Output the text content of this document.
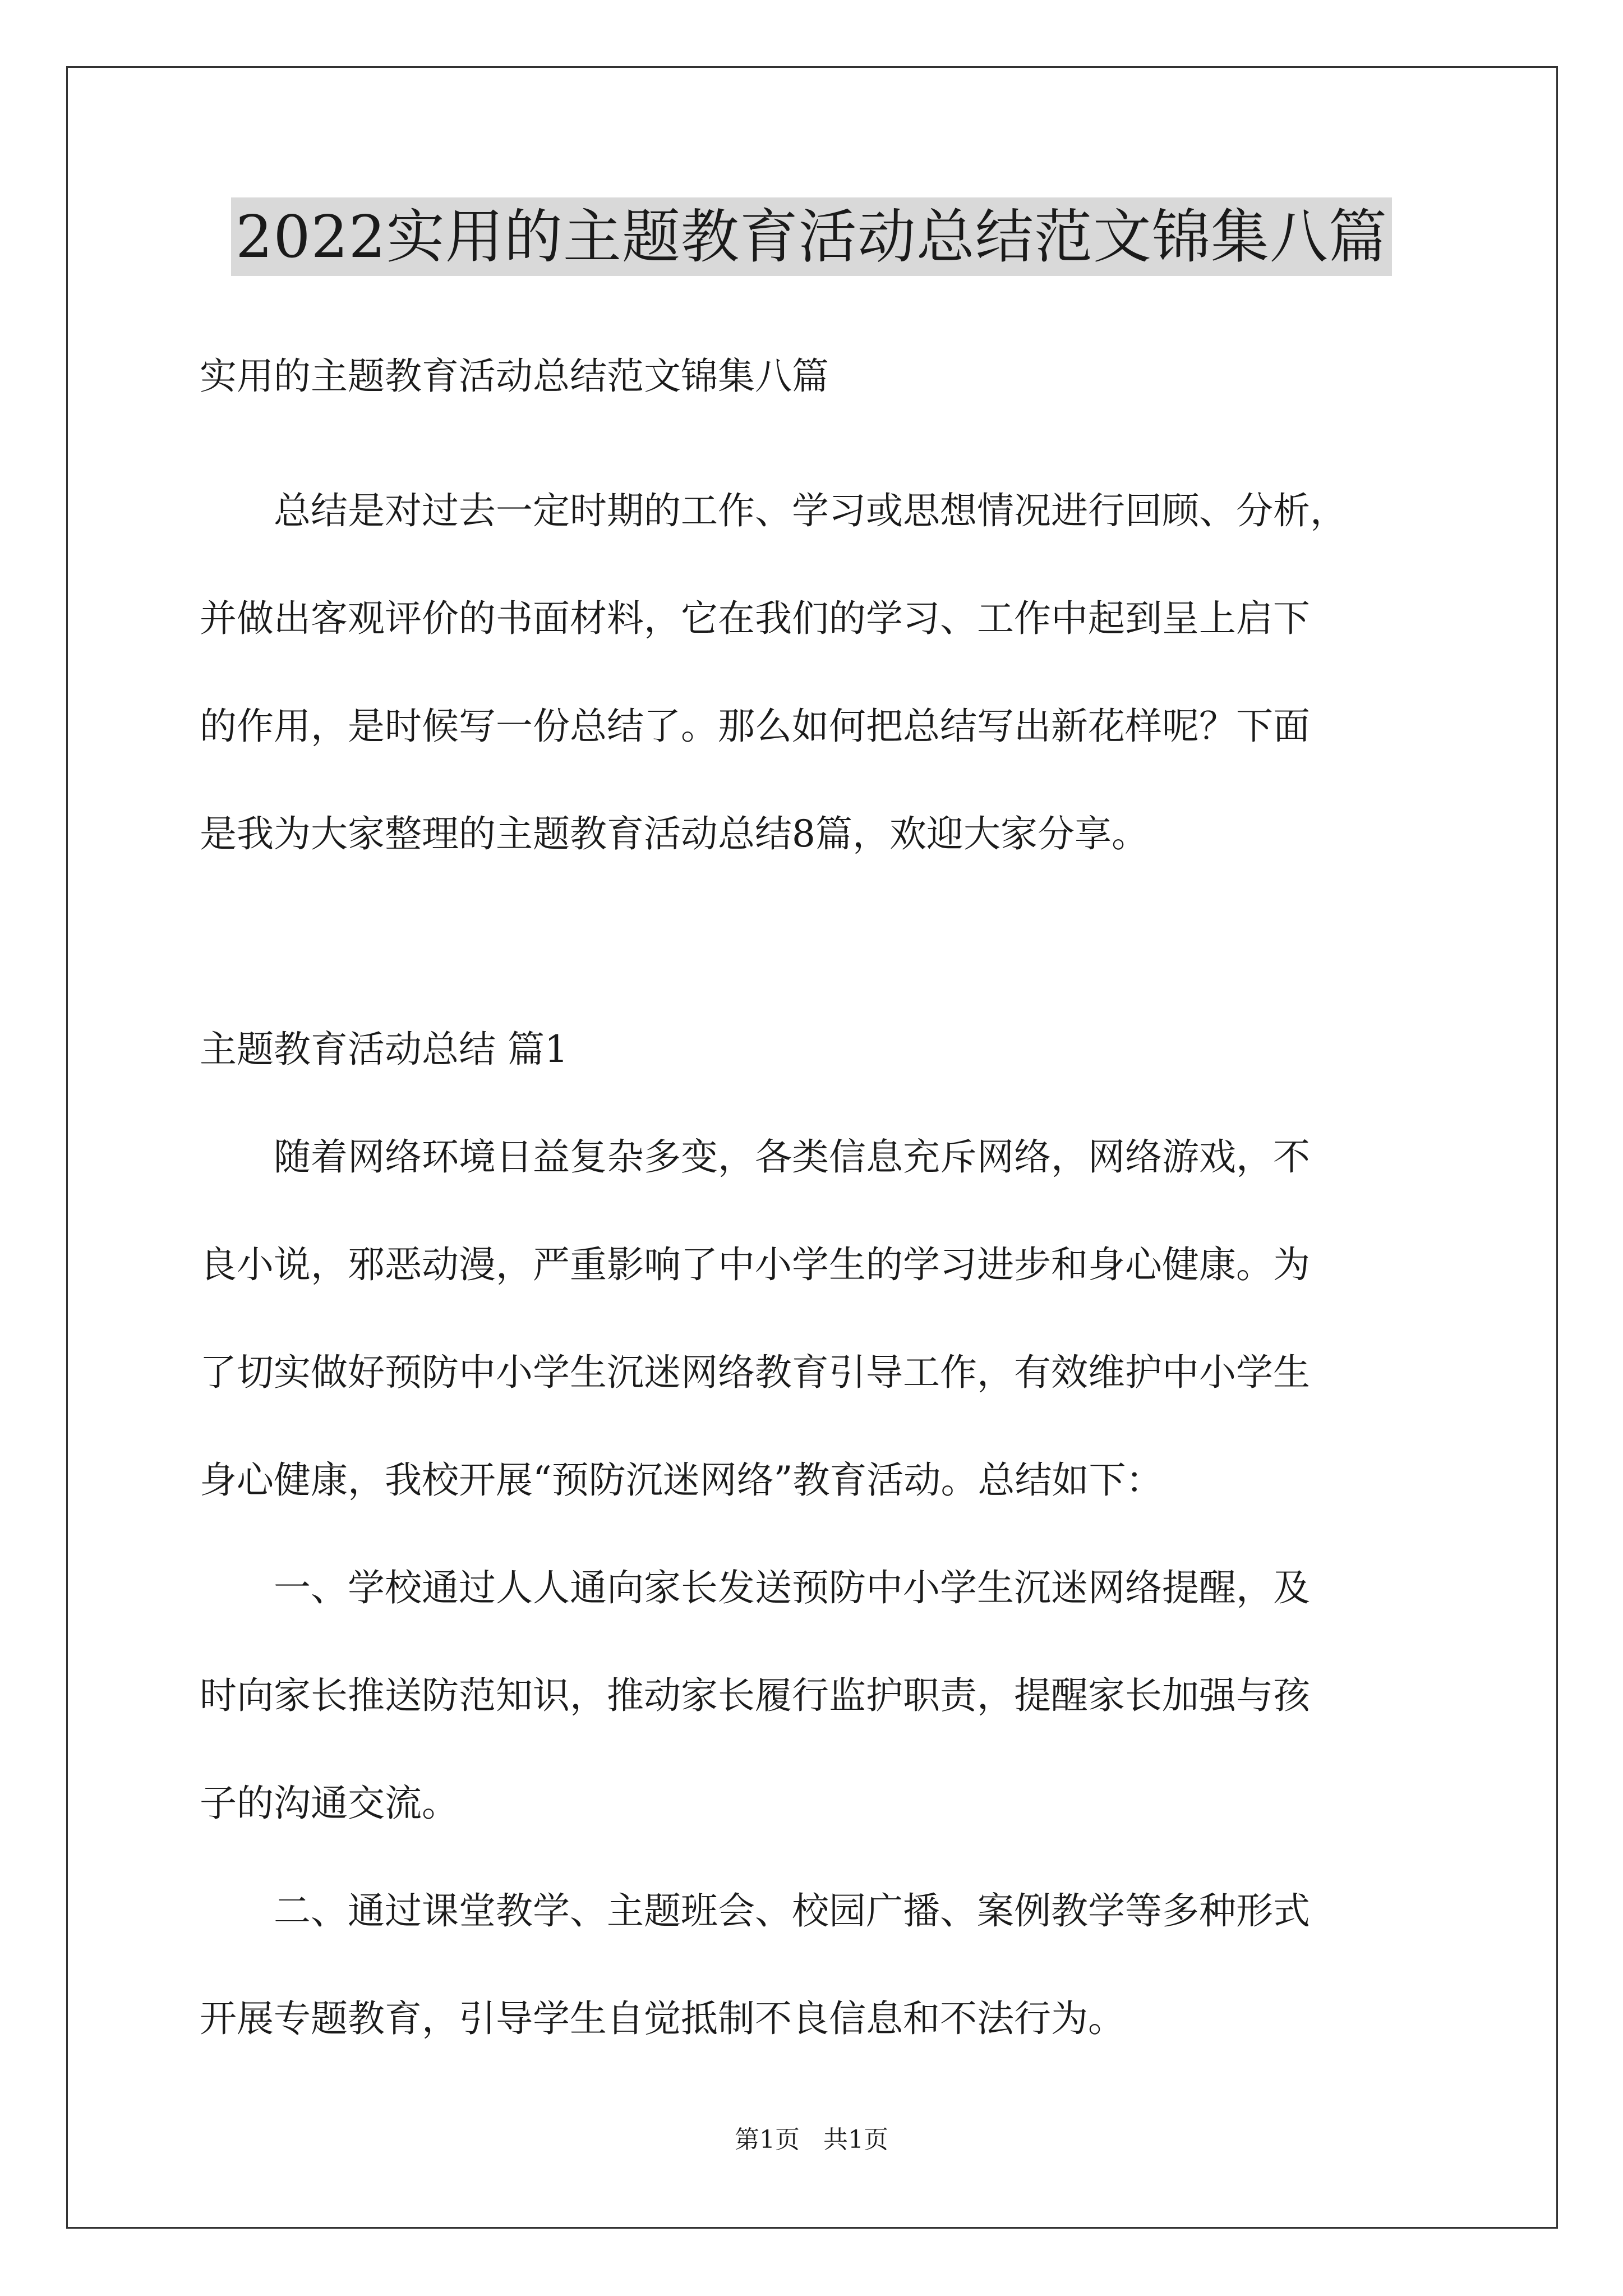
2022实用的主题教育活动总结范文锦集八篇
实用的主题教育活动总结范文锦集八篇

总结是对过去一定时期的工作、学习或思想情况进行回顾、分析，
并做出客观评价的书面材料，它在我们的学习、工作中起到呈上启下
的作用，是时候写一份总结了。那么如何把总结写出新花样呢？下面
是我为大家整理的主题教育活动总结8篇，欢迎大家分享。

主题教育活动总结 篇1

随着网络环境日益复杂多变，各类信息充斥网络，网络游戏，不
良小说，邪恶动漫，严重影响了中小学生的学习进步和身心健康。为
了切实做好预防中小学生沉迷网络教育引导工作，有效维护中小学生
身心健康，我校开展“预防沉迷网络”教育活动。总结如下：

一、学校通过人人通向家长发送预防中小学生沉迷网络提醒，及
时向家长推送防范知识，推动家长履行监护职责，提醒家长加强与孩
子的沟通交流。

二、通过课堂教学、主题班会、校园广播、案例教学等多种形式
开展专题教育，引导学生自觉抵制不良信息和不法行为。

第1页 共1页
